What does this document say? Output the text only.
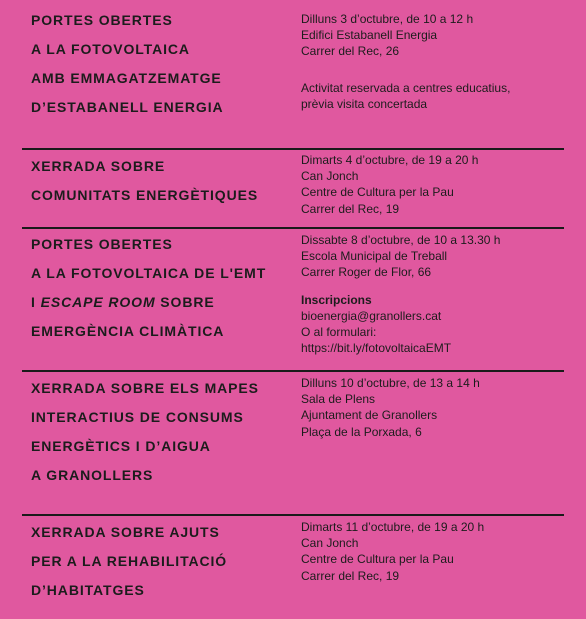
PORTES OBERTES
A LA FOTOVOLTAICA
AMB EMMAGATZEMATGE
D’ESTABANELL ENERGIA
Dilluns 3 d’octubre, de 10 a 12 h
Edifici Estabanell Energia
Carrer del Rec, 26
Activitat reservada a centres educatius,
prèvia visita concertada
XERRADA SOBRE
COMUNITATS ENERGÈTIQUES
Dimarts 4 d’octubre, de 19 a 20 h
Can Jonch
Centre de Cultura per la Pau
Carrer del Rec, 19
PORTES OBERTES
A LA FOTOVOLTAICA DE L'EMT
I ESCAPE ROOM SOBRE
EMERGÈNCIA CLIMÀTICA
Dissabte 8 d’octubre, de 10 a 13.30 h
Escola Municipal de Treball
Carrer Roger de Flor, 66
Inscripcions
bioenergia@granollers.cat
O al formulari:
https://bit.ly/fotovoltaicaEMT
XERRADA SOBRE ELS MAPES
INTERACTIUS DE CONSUMS
ENERGÈTICS I D’AIGUA
A GRANOLLERS
Dilluns 10 d’octubre, de 13 a 14 h
Sala de Plens
Ajuntament de Granollers
Plaça de la Porxada, 6
XERRADA SOBRE AJUTS
PER A LA REHABILITACIÓ
D’HABITATGES
Dimarts 11 d’octubre, de 19 a 20 h
Can Jonch
Centre de Cultura per la Pau
Carrer del Rec, 19
